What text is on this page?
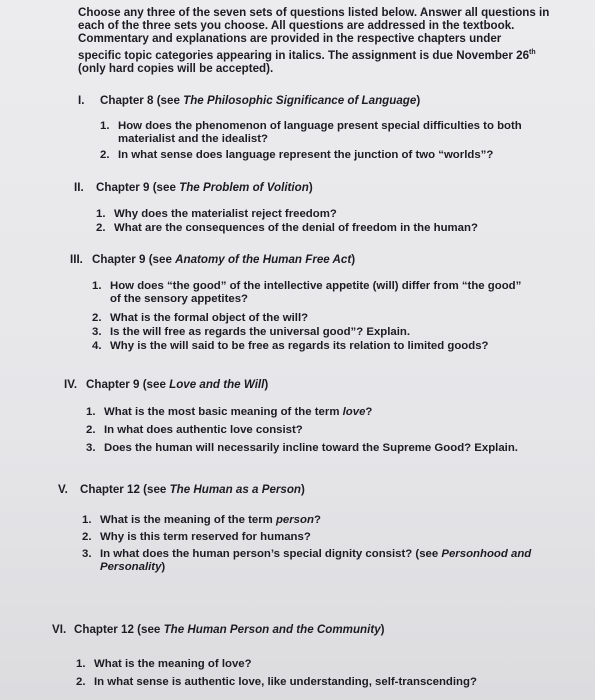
Choose any three of the seven sets of questions listed below. Answer all questions in
each of the three sets you choose. All questions are addressed in the textbook.
Commentary and explanations are provided in the respective chapters under
specific topic categories appearing in italics. The assignment is due November 26th
(only hard copies will be accepted).
I. Chapter 8 (see The Philosophic Significance of Language)
1. How does the phenomenon of language present special difficulties to both materialist and the idealist?
2. In what sense does language represent the junction of two “worlds”?
II. Chapter 9 (see The Problem of Volition)
1. Why does the materialist reject freedom?
2. What are the consequences of the denial of freedom in the human?
III. Chapter 9 (see Anatomy of the Human Free Act)
1. How does “the good” of the intellective appetite (will) differ from “the good” of the sensory appetites?
2. What is the formal object of the will?
3. Is the will free as regards the universal good”? Explain.
4. Why is the will said to be free as regards its relation to limited goods?
IV. Chapter 9 (see Love and the Will)
1. What is the most basic meaning of the term love?
2. In what does authentic love consist?
3. Does the human will necessarily incline toward the Supreme Good? Explain.
V. Chapter 12 (see The Human as a Person)
1. What is the meaning of the term person?
2. Why is this term reserved for humans?
3. In what does the human person’s special dignity consist? (see Personhood and Personality)
VI. Chapter 12 (see The Human Person and the Community)
1. What is the meaning of love?
2. In what sense is authentic love, like understanding, self-transcending?
